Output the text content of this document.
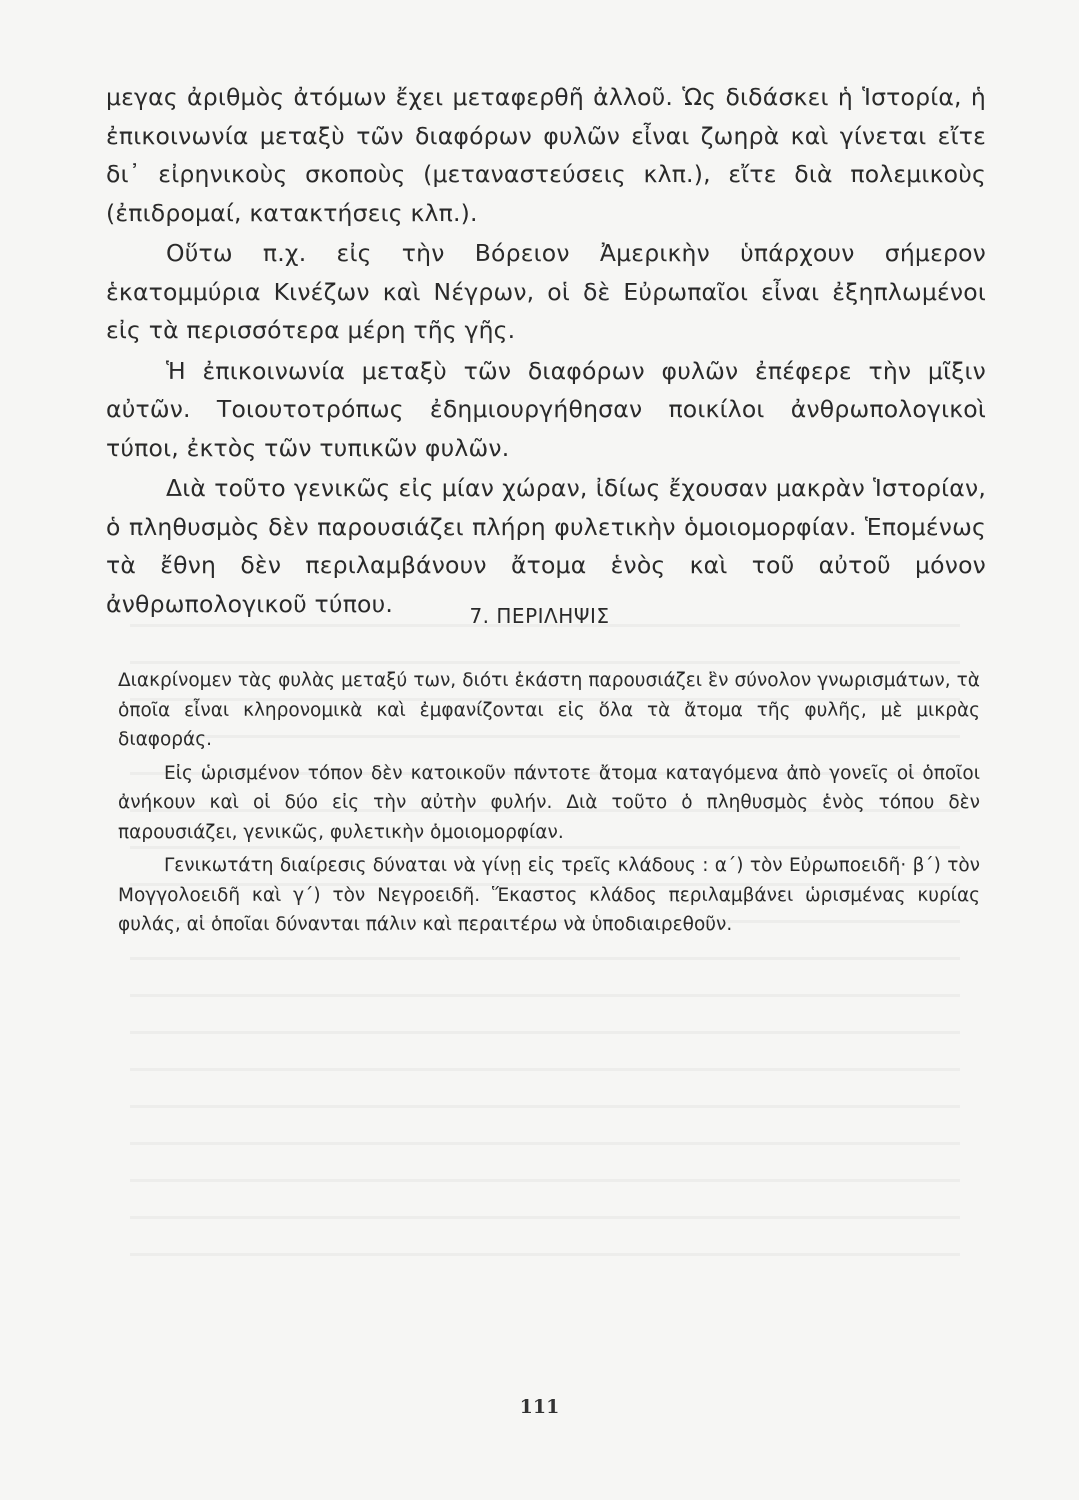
μεγας ἀριθμὸς ἀτόμων ἔχει μεταφερθῆ ἀλλοῦ. Ὡς διδάσκει ἡ Ἱστορία, ἡ ἐπικοινωνία μεταξὺ τῶν διαφόρων φυλῶν εἶναι ζωηρὰ καὶ γίνεται εἴτε δι᾽ εἰρηνικοὺς σκοποὺς (μεταναστεύσεις κλπ.), εἴτε διὰ πολεμικοὺς (ἐπιδρομαί, κατακτήσεις κλπ.).

Οὕτω π.χ. εἰς τὴν Βόρειον Ἀμερικὴν ὑπάρχουν σήμερον ἑκατομμύρια Κινέζων καὶ Νέγρων, οἱ δὲ Εὐρωπαῖοι εἶναι ἐξηπλωμένοι εἰς τὰ περισσότερα μέρη τῆς γῆς.

Ἡ ἐπικοινωνία μεταξὺ τῶν διαφόρων φυλῶν ἐπέφερε τὴν μῖξιν αὐτῶν. Τοιουτοτρόπως ἐδημιουργήθησαν ποικίλοι ἀνθρωπολογικοὶ τύποι, ἐκτὸς τῶν τυπικῶν φυλῶν.

Διὰ τοῦτο γενικῶς εἰς μίαν χώραν, ἰδίως ἔχουσαν μακρὰν Ἱστορίαν, ὁ πληθυσμὸς δὲν παρουσιάζει πλήρη φυλετικὴν ὁμοιομορφίαν. Ἑπομένως τὰ ἔθνη δὲν περιλαμβάνουν ἄτομα ἑνὸς καὶ τοῦ αὐτοῦ μόνον ἀνθρωπολογικοῦ τύπου.	7. ΠΕΡΙΛΗΨΙΣ

Διακρίνομεν τὰς φυλὰς μεταξύ των, διότι ἑκάστη παρουσιάζει ἓν σύνολον γνωρισμάτων, τὰ ὁποῖα εἶναι κληρονομικὰ καὶ ἐμφανίζονται εἰς ὅλα τὰ ἄτομα τῆς φυλῆς, μὲ μικρὰς διαφοράς.

Εἰς ὡρισμένον τόπον δὲν κατοικοῦν πάντοτε ἄτομα καταγόμενα ἀπὸ γονεῖς οἱ ὁποῖοι ἀνήκουν καὶ οἱ δύο εἰς τὴν αὐτὴν φυλήν. Διὰ τοῦτο ὁ πληθυσμὸς ἑνὸς τόπου δὲν παρουσιάζει, γενικῶς, φυλετικὴν ὁμοιομορφίαν.

Γενικωτάτη διαίρεσις δύναται νὰ γίνῃ εἰς τρεῖς κλάδους : α΄) τὸν Εὐρωποειδῆ· β΄) τὸν Μογγολοειδῆ καὶ γ΄) τὸν Νεγροειδῆ. Ἕκαστος κλάδος περιλαμβάνει ὡρισμένας κυρίας φυλάς, αἱ ὁποῖαι δύνανται πάλιν καὶ περαιτέρω νὰ ὑποδιαιρεθοῦν.

111
